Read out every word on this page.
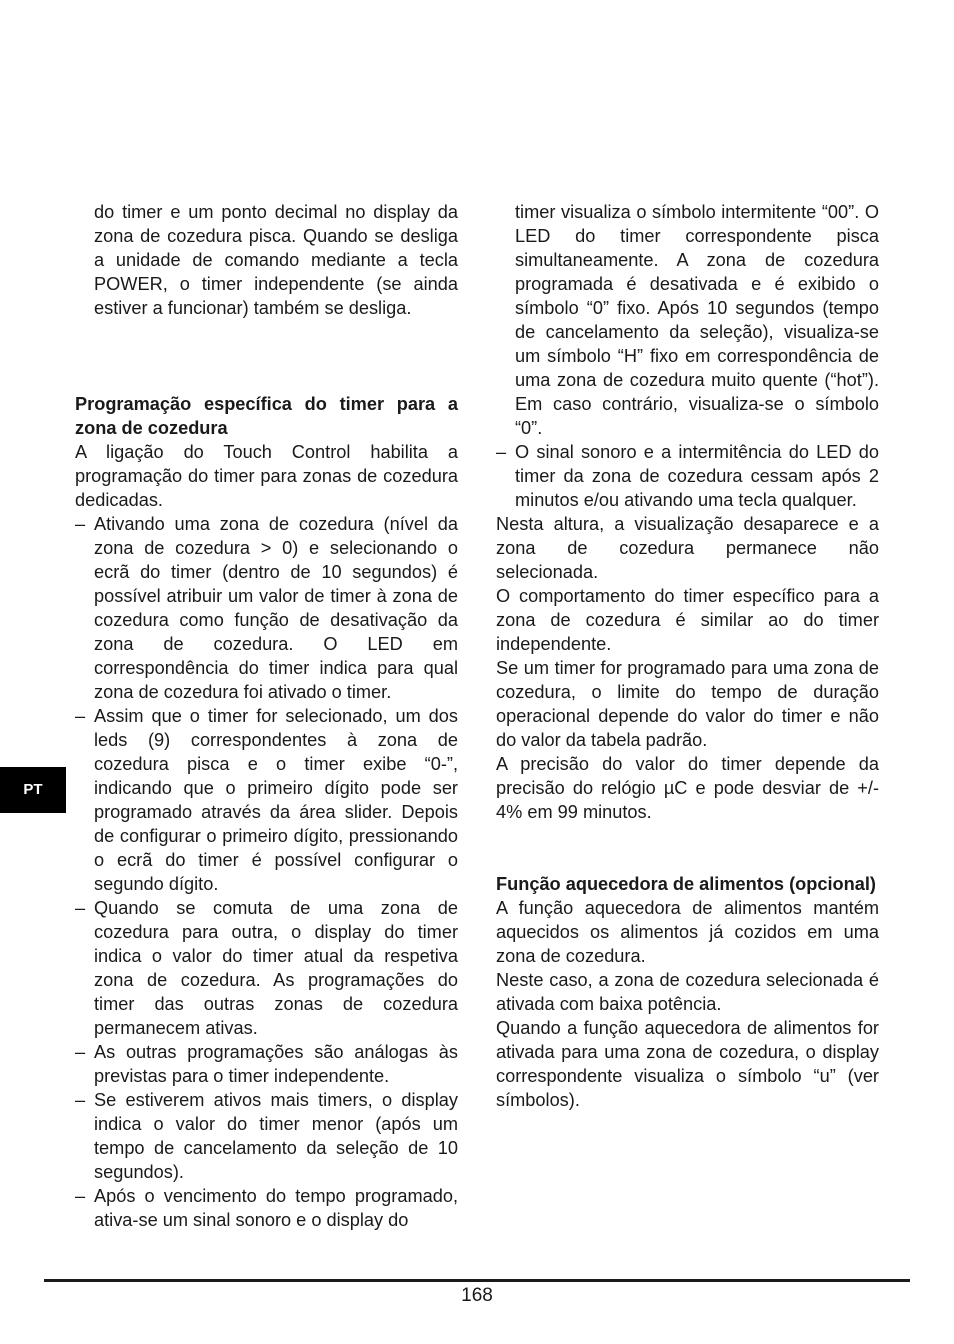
do timer e um ponto decimal no display da zona de cozedura pisca. Quando se desliga a unidade de comando mediante a tecla POWER, o timer independente (se ainda estiver a funcionar) também se desliga.

Programação específica do timer para a zona de cozedura

A ligação do Touch Control habilita a programação do timer para zonas de cozedura dedicadas.

– Ativando uma zona de cozedura (nível da zona de cozedura > 0) e selecionando o ecrã do timer (dentro de 10 segundos) é possível atribuir um valor de timer à zona de cozedura como função de desativação da zona de cozedura. O LED em correspondência do timer indica para qual zona de cozedura foi ativado o timer.
– Assim que o timer for selecionado, um dos leds (9) correspondentes à zona de cozedura pisca e o timer exibe “0-”, indicando que o primeiro dígito pode ser programado através da área slider. Depois de configurar o primeiro dígito, pressionando o ecrã do timer é possível configurar o segundo dígito.
– Quando se comuta de uma zona de cozedura para outra, o display do timer indica o valor do timer atual da respetiva zona de cozedura. As programações do timer das outras zonas de cozedura permanecem ativas.
– As outras programações são análogas às previstas para o timer independente.
– Se estiverem ativos mais timers, o display indica o valor do timer menor (após um tempo de cancelamento da seleção de 10 segundos).
– Após o vencimento do tempo programado, ativa-se um sinal sonoro e o display do

timer visualiza o símbolo intermitente “00”. O LED do timer correspondente pisca simultaneamente. A zona de cozedura programada é desativada e é exibido o símbolo “0” fixo. Após 10 segundos (tempo de cancelamento da seleção), visualiza-se um símbolo “H” fixo em correspondência de uma zona de cozedura muito quente (“hot”). Em caso contrário, visualiza-se o símbolo “0”.

– O sinal sonoro e a intermitência do LED do timer da zona de cozedura cessam após 2 minutos e/ou ativando uma tecla qualquer.

Nesta altura, a visualização desaparece e a zona de cozedura permanece não selecionada.

O comportamento do timer específico para a zona de cozedura é similar ao do timer independente.

Se um timer for programado para uma zona de cozedura, o limite do tempo de duração operacional depende do valor do timer e não do valor da tabela padrão.

A precisão do valor do timer depende da precisão do relógio µC e pode desviar de +/- 4% em 99 minutos.

Função aquecedora de alimentos (opcional)

A função aquecedora de alimentos mantém aquecidos os alimentos já cozidos em uma zona de cozedura.

Neste caso, a zona de cozedura selecionada é ativada com baixa potência.

Quando a função aquecedora de alimentos for ativada para uma zona de cozedura, o display correspondente visualiza o símbolo “u” (ver símbolos).

PT
168
